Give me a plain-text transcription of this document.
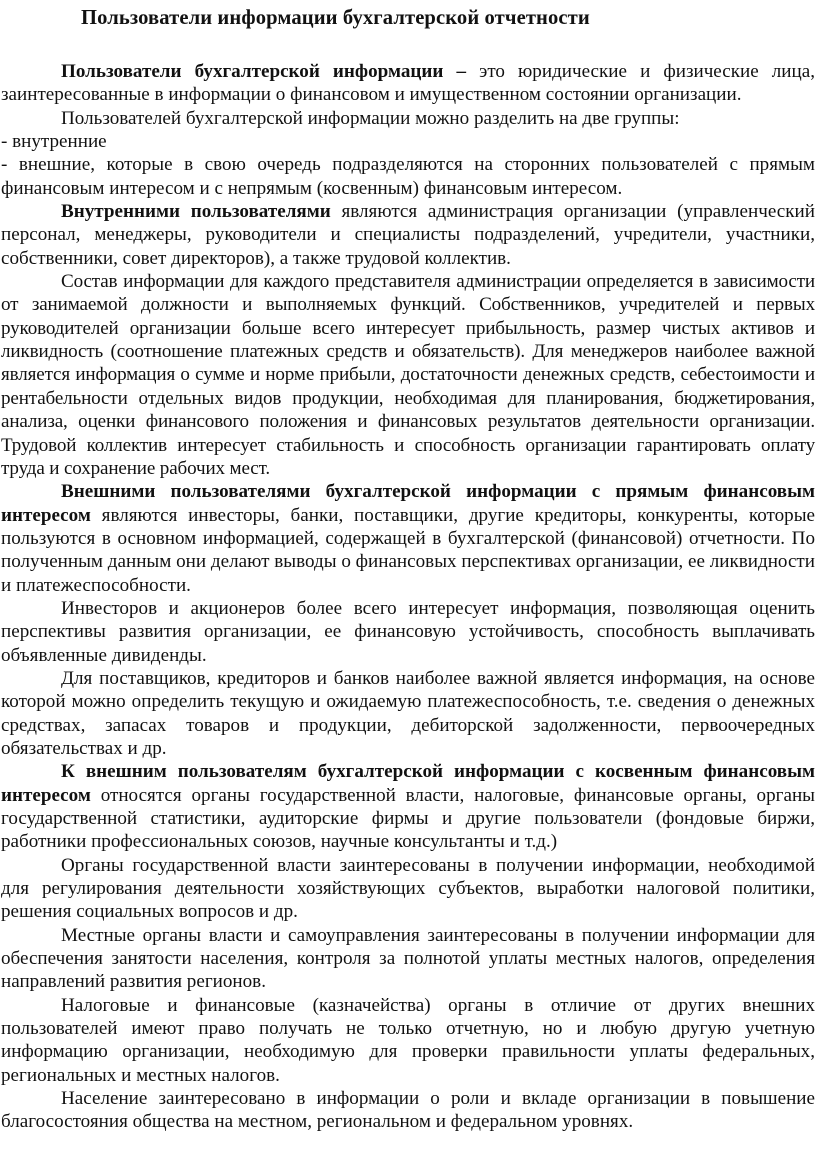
Пользователи информации бухгалтерской отчетности

Пользователи бухгалтерской информации – это юридические и физические лица, заинтересованные в информации о финансовом и имущественном состоянии организации.

Пользователей бухгалтерской информации можно разделить на две группы:

- внутренние

- внешние, которые в свою очередь подразделяются на сторонних пользователей с прямым финансовым интересом и с непрямым (косвенным) финансовым интересом.

Внутренними пользователями являются администрация организации (управленческий персонал, менеджеры, руководители и специалисты подразделений, учредители, участники, собственники, совет директоров), а также трудовой коллектив.

Состав информации для каждого представителя администрации определяется в зависимости от занимаемой должности и выполняемых функций. Собственников, учредителей и первых руководителей организации больше всего интересует прибыльность, размер чистых активов и ликвидность (соотношение платежных средств и обязательств). Для менеджеров наиболее важной является информация о сумме и норме прибыли, достаточности денежных средств, себестоимости и рентабельности отдельных видов продукции, необходимая для планирования, бюджетирования, анализа, оценки финансового положения и финансовых результатов деятельности организации. Трудовой коллектив интересует стабильность и способность организации гарантировать оплату труда и сохранение рабочих мест.

Внешними пользователями бухгалтерской информации с прямым финансовым интересом являются инвесторы, банки, поставщики, другие кредиторы, конкуренты, которые пользуются в основном информацией, содержащей в бухгалтерской (финансовой) отчетности. По полученным данным они делают выводы о финансовых перспективах организации, ее ликвидности и платежеспособности.

Инвесторов и акционеров более всего интересует информация, позволяющая оценить перспективы развития организации, ее финансовую устойчивость, способность выплачивать объявленные дивиденды.

Для поставщиков, кредиторов и банков наиболее важной является информация, на основе которой можно определить текущую и ожидаемую платежеспособность, т.е. сведения о денежных средствах, запасах товаров и продукции, дебиторской задолженности, первоочередных обязательствах и др.

К внешним пользователям бухгалтерской информации с косвенным финансовым интересом относятся органы государственной власти, налоговые, финансовые органы, органы государственной статистики, аудиторские фирмы и другие пользователи (фондовые биржи, работники профессиональных союзов, научные консультанты и т.д.)

Органы государственной власти заинтересованы в получении информации, необходимой для регулирования деятельности хозяйствующих субъектов, выработки налоговой политики, решения социальных вопросов и др.

Местные органы власти и самоуправления заинтересованы в получении информации для обеспечения занятости населения, контроля за полнотой уплаты местных налогов, определения направлений развития регионов.

Налоговые и финансовые (казначейства) органы в отличие от других внешних пользователей имеют право получать не только отчетную, но и любую другую учетную информацию организации, необходимую для проверки правильности уплаты федеральных, региональных и местных налогов.

Население заинтересовано в информации о роли и вкладе организации в повышение благосостояния общества на местном, региональном и федеральном уровнях.
